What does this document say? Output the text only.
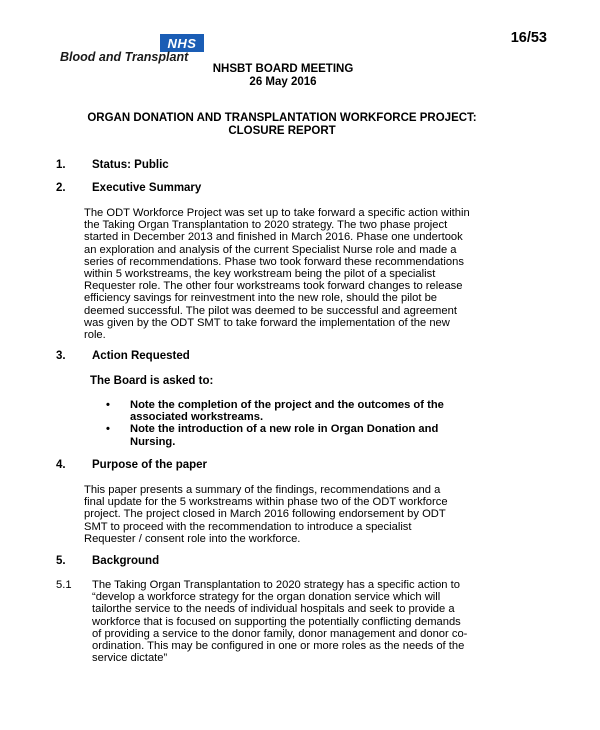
NHS
Blood and Transplant
16/53
NHSBT BOARD MEETING
26 May 2016
ORGAN DONATION AND TRANSPLANTATION WORKFORCE PROJECT:
CLOSURE REPORT
1. Status: Public
2. Executive Summary

The ODT Workforce Project was set up to take forward a specific action within

the Taking Organ Transplantation to 2020 strategy. The two phase project

started in December 2013 and finished in March 2016. Phase one undertook

an exploration and analysis of the current Specialist Nurse role and made a

series of recommendations. Phase two took forward these recommendations

within 5 workstreams, the key workstream being the pilot of a specialist

Requester role. The other four workstreams took forward changes to release

efficiency savings for reinvestment into the new role, should the pilot be

deemed successful. The pilot was deemed to be successful and agreement

was given by the ODT SMT to take forward the implementation of the new

role.

3. Action Requested
The Board is asked to:
• Note the completion of the project and the outcomes of the

associated workstreams.

• Note the introduction of a new role in Organ Donation and

Nursing.

4. Purpose of the paper

This paper presents a summary of the findings, recommendations and a

final update for the 5 workstreams within phase two of the ODT workforce

project. The project closed in March 2016 following endorsement by ODT

SMT to proceed with the recommendation to introduce a specialist

Requester / consent role into the workforce.

5. Background
5.1 The Taking Organ Transplantation to 2020 strategy has a specific action to

“develop a workforce strategy for the organ donation service which will

tailorthe service to the needs of individual hospitals and seek to provide a

workforce that is focused on supporting the potentially conflicting demands

of providing a service to the donor family, donor management and donor co-

ordination. This may be configured in one or more roles as the needs of the

service dictate”
